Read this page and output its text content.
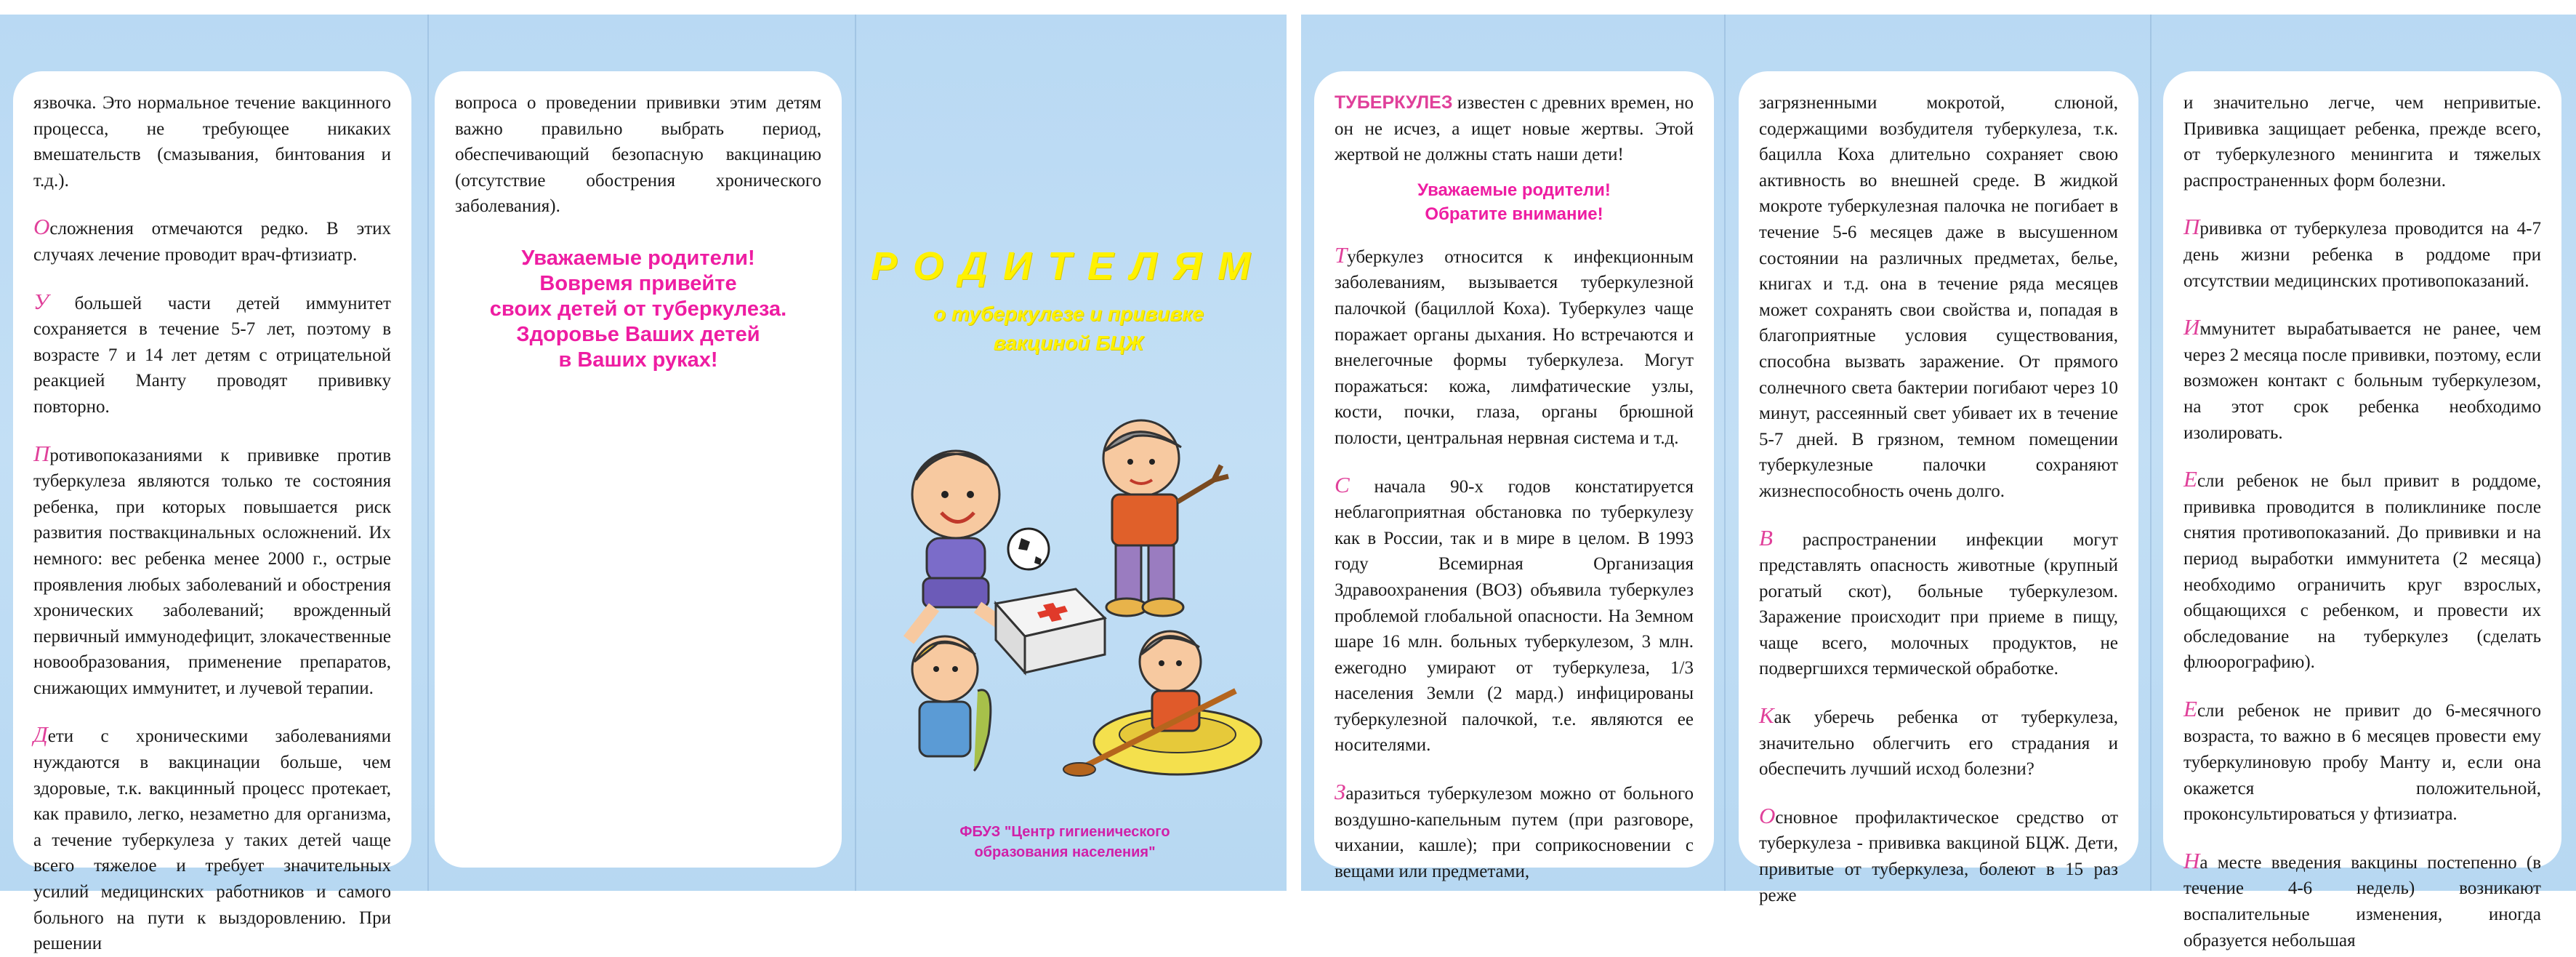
язвочка. Это нормальное течение вакцинного процесса, не требующее никаких вмешательств (смазывания, бинтования и т.д.).

Осложнения отмечаются редко. В этих случаях лечение проводит врач-фтизиатр.

У большей части детей иммунитет сохраняется в течение 5-7 лет, поэтому в возрасте 7 и 14 лет детям с отрицательной реакцией Манту проводят прививку повторно.

Противопоказаниями к прививке против туберкулеза являются только те состояния ребенка, при которых повышается риск развития поствакцинальных осложнений. Их немного: вес ребенка менее 2000 г., острые проявления любых заболеваний и обострения хронических заболеваний; врожденный первичный иммунодефицит, злокачественные новообразования, применение препаратов, снижающих иммунитет, и лучевой терапии.

Дети с хроническими заболеваниями нуждаются в вакцинации больше, чем здоровые, т.к. вакцинный процесс протекает, как правило, легко, незаметно для организма, а течение туберкулеза у таких детей чаще всего тяжелое и требует значительных усилий медицинских работников и самого больного на пути к выздоровлению. При решении

вопроса о проведении прививки этим детям важно правильно выбрать период, обеспечивающий безопасную вакцинацию (отсутствие обострения хронического заболевания).

Уважаемые родители!
Вовремя привейте
своих детей от туберкулеза.
Здоровье Ваших детей
в Ваших руках!
РОДИТЕЛЯМ
о туберкулезе и прививке
вакциной БЦЖ
ФБУЗ "Центр гигиенического
образования населения"

ТУБЕРКУЛЕЗ известен с древних времен, но он не исчез, а ищет новые жертвы. Этой жертвой не должны стать наши дети!

Уважаемые родители!
Обратите внимание!

Туберкулез относится к инфекционным заболеваниям, вызывается туберкулезной палочкой (бациллой Коха). Туберкулез чаще поражает органы дыхания. Но встречаются и внелегочные формы туберкулеза. Могут поражаться: кожа, лимфатические узлы, кости, почки, глаза, органы брюшной полости, центральная нервная система и т.д.

С начала 90-х годов констатируется неблагоприятная обстановка по туберкулезу как в России, так и в мире в целом. В 1993 году Всемирная Организация Здравоохранения (ВОЗ) объявила туберкулез проблемой глобальной опасности. На Земном шаре 16 млн. больных туберкулезом, 3 млн. ежегодно умирают от туберкулеза, 1/3 населения Земли (2 мард.) инфицированы туберкулезной палочкой, т.е. являются ее носителями.

Заразиться туберкулезом можно от больного воздушно-капельным путем (при разговоре, чихании, кашле); при соприкосновении с вещами или предметами,

загрязненными мокротой, слюной, содержащими возбудителя туберкулеза, т.к. бацилла Коха длительно сохраняет свою активность во внешней среде. В жидкой мокроте туберкулезная палочка не погибает в течение 5-6 месяцев даже в высушенном состоянии на различных предметах, белье, книгах и т.д. она в течение ряда месяцев может сохранять свои свойства и, попадая в благоприятные условия существования, способна вызвать заражение. От прямого солнечного света бактерии погибают через 10 минут, рассеянный свет убивает их в течение 5-7 дней. В грязном, темном помещении туберкулезные палочки сохраняют жизнеспособность очень долго.

В распространении инфекции могут представлять опасность животные (крупный рогатый скот), больные туберкулезом. Заражение происходит при приеме в пищу, чаще всего, молочных продуктов, не подвергшихся термической обработке.

Как уберечь ребенка от туберкулеза, значительно облегчить его страдания и обеспечить лучший исход болезни?

Основное профилактическое средство от туберкулеза - прививка вакциной БЦЖ. Дети, привитые от туберкулеза, болеют в 15 раз реже

и значительно легче, чем непривитые. Прививка защищает ребенка, прежде всего, от туберкулезного менингита и тяжелых распространенных форм болезни.

Прививка от туберкулеза проводится на 4-7 день жизни ребенка в роддоме при отсутствии медицинских противопоказаний.

Иммунитет вырабатывается не ранее, чем через 2 месяца после прививки, поэтому, если возможен контакт с больным туберкулезом, на этот срок ребенка необходимо изолировать.

Если ребенок не был привит в роддоме, прививка проводится в поликлинике после снятия противопоказаний. До прививки и на период выработки иммунитета (2 месяца) необходимо ограничить круг взрослых, общающихся с ребенком, и провести их обследование на туберкулез (сделать флюорографию).

Если ребенок не привит до 6-месячного возраста, то важно в 6 месяцев провести ему туберкулиновую пробу Манту и, если она окажется положительной, проконсультироваться у фтизиатра.

На месте введения вакцины постепенно (в течение 4-6 недель) возникают воспалительные изменения, иногда образуется небольшая
